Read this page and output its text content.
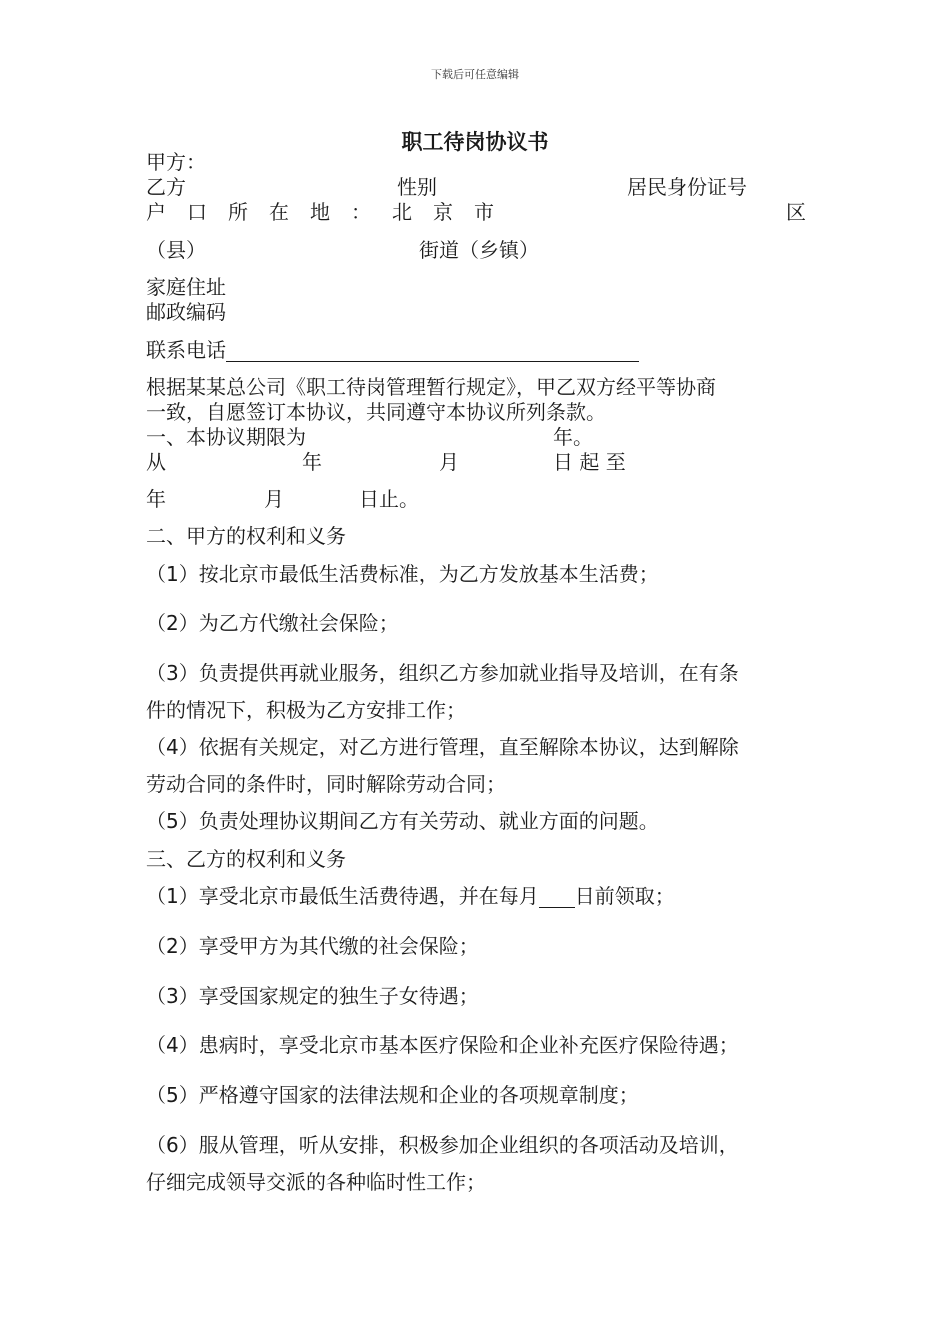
下载后可任意编辑
职工待岗协议书
甲方：
乙方	性别	居民身份证号
户 口 所 在 地 ： 北 京 市	区
（县）	街道（乡镇）
家庭住址
邮政编码
联系电话
根据某某总公司《职工待岗管理暂行规定》，甲乙双方经平等协商
一致，自愿签订本协议，共同遵守本协议所列条款。
一、本协议期限为	年。
从	年	月	日 起 至
年	月	日止。
二、甲方的权利和义务
（1）按北京市最低生活费标准，为乙方发放基本生活费；
（2）为乙方代缴社会保险；
（3）负责提供再就业服务，组织乙方参加就业指导及培训，在有条
件的情况下，积极为乙方安排工作；
（4）依据有关规定，对乙方进行管理，直至解除本协议，达到解除
劳动合同的条件时，同时解除劳动合同；
（5）负责处理协议期间乙方有关劳动、就业方面的问题。
三、乙方的权利和义务
（1）享受北京市最低生活费待遇，并在每月 日前领取；
（2）享受甲方为其代缴的社会保险；
（3）享受国家规定的独生子女待遇；
（4）患病时，享受北京市基本医疗保险和企业补充医疗保险待遇；
（5）严格遵守国家的法律法规和企业的各项规章制度；
（6）服从管理，听从安排，积极参加企业组织的各项活动及培训，
仔细完成领导交派的各种临时性工作；
